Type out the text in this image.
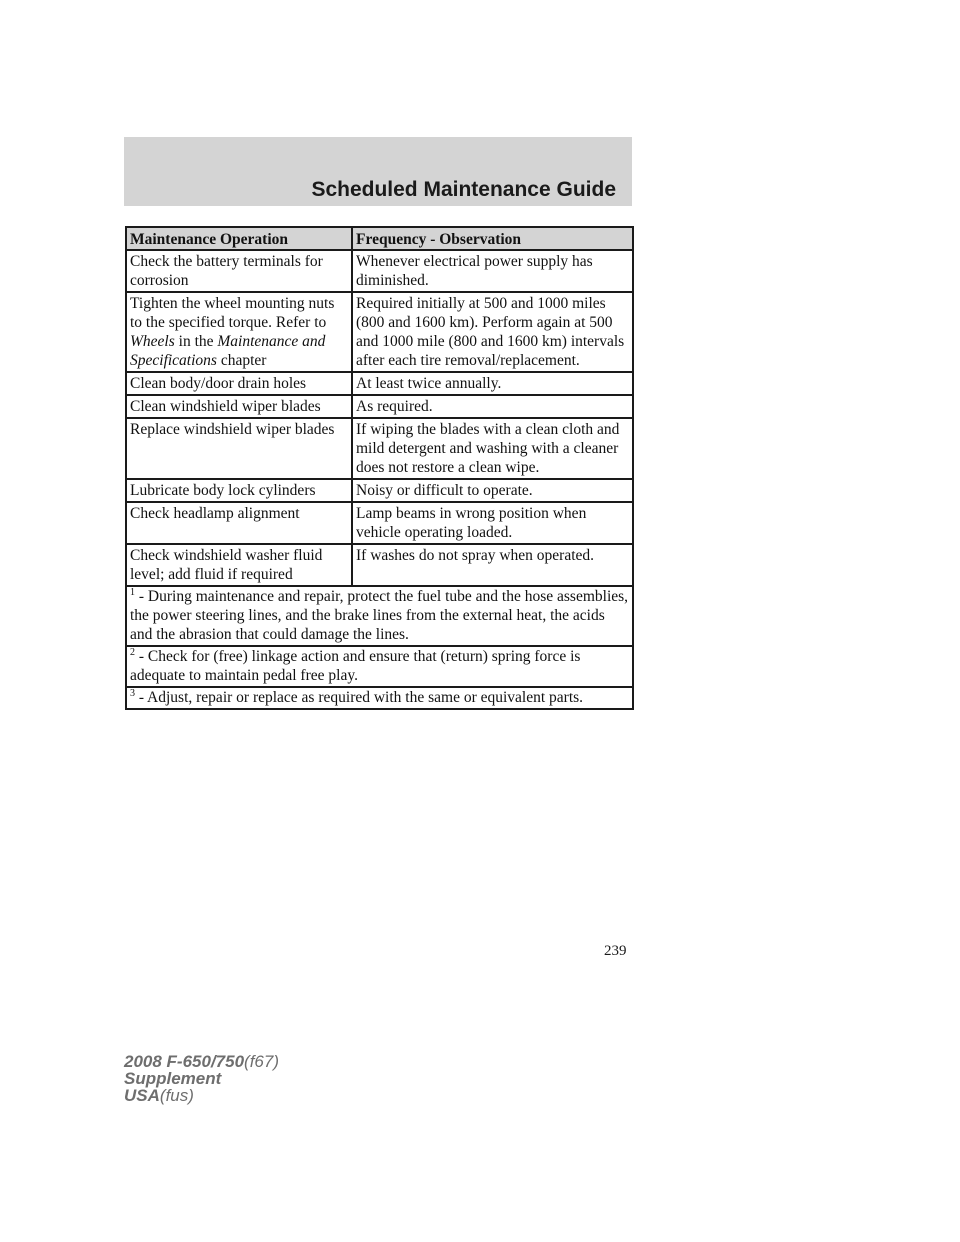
Scheduled Maintenance Guide
Maintenance Operation	Frequency - Observation
Check the battery terminals for corrosion	Whenever electrical power supply has diminished.
Tighten the wheel mounting nuts to the specified torque. Refer to Wheels in the Maintenance and Specifications chapter	Required initially at 500 and 1000 miles (800 and 1600 km). Perform again at 500 and 1000 mile (800 and 1600 km) intervals after each tire removal/replacement.
Clean body/door drain holes	At least twice annually.
Clean windshield wiper blades	As required.
Replace windshield wiper blades	If wiping the blades with a clean cloth and mild detergent and washing with a cleaner does not restore a clean wipe.
Lubricate body lock cylinders	Noisy or difficult to operate.
Check headlamp alignment	Lamp beams in wrong position when vehicle operating loaded.
Check windshield washer fluid level; add fluid if required	If washes do not spray when operated.
$^1$ - During maintenance and repair, protect the fuel tube and the hose assemblies, the power steering lines, and the brake lines from the external heat, the acids and the abrasion that could damage the lines.	
$^2$ - Check for (free) linkage action and ensure that (return) spring force is adequate to maintain pedal free play.	
$^3$ - Adjust, repair or replace as required with the same or equivalent parts.	
239
2008 F-650/750(f67)
Supplement
USA(fus)
